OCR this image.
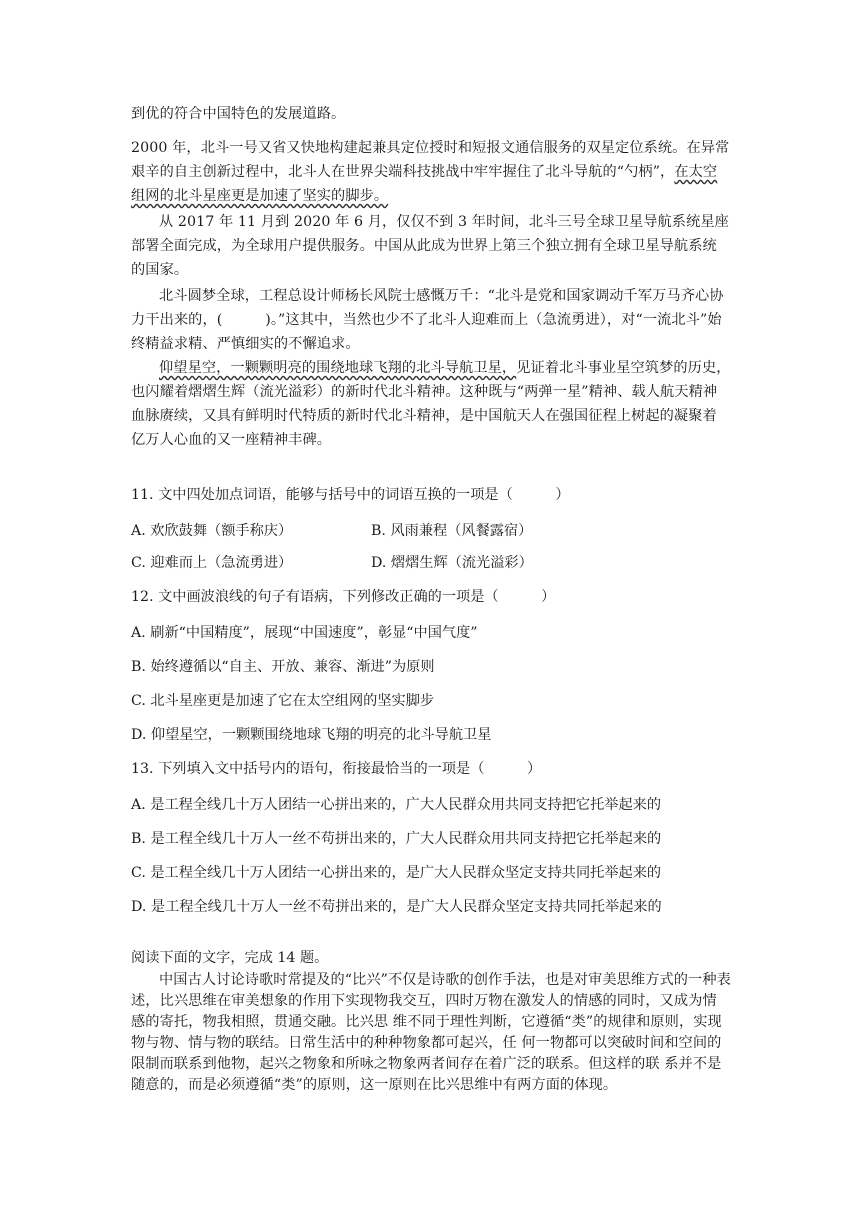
到优的符合中国特色的发展道路。

2000 年，北斗一号又省又快地构建起兼具定位授时和短报文通信服务的双星定位系统。在异常艰辛的自主创新过程中，北斗人在世界尖端科技挑战中牢牢握住了北斗导航的“勺柄”，在太空组网的北斗星座更是加速了坚实的脚步。

从 2017 年 11 月到 2020 年 6 月，仅仅不到 3 年时间，北斗三号全球卫星导航系统星座部署全面完成，为全球用户提供服务。中国从此成为世界上第三个独立拥有全球卫星导航系统的国家。

北斗圆梦全球，工程总设计师杨长风院士感慨万千：“北斗是党和国家调动千军万马齐心协力干出来的，(　　　)。”这其中，当然也少不了北斗人迎难而上（急流勇进），对“一流北斗”始终精益求精、严慎细实的不懈追求。

仰望星空，一颗颗明亮的围绕地球飞翔的北斗导航卫星，见证着北斗事业星空筑梦的历史，也闪耀着熠熠生辉（流光溢彩）的新时代北斗精神。这种既与“两弹一星”精神、载人航天精神血脉赓续，又具有鲜明时代特质的新时代北斗精神，是中国航天人在强国征程上树起的凝聚着亿万人心血的又一座精神丰碑。

11. 文中四处加点词语，能够与括号中的词语互换的一项是（　　　）

A. 欢欣鼓舞（额手称庆）	B. 风雨兼程（风餐露宿）

C. 迎难而上（急流勇进）	D. 熠熠生辉（流光溢彩）

12. 文中画波浪线的句子有语病，下列修改正确的一项是（　　　）

A. 刷新“中国精度”，展现“中国速度”，彰显“中国气度”

B. 始终遵循以“自主、开放、兼容、渐进”为原则

C. 北斗星座更是加速了它在太空组网的坚实脚步

D. 仰望星空，一颗颗围绕地球飞翔的明亮的北斗导航卫星

13. 下列填入文中括号内的语句，衔接最恰当的一项是（　　　）

A. 是工程全线几十万人团结一心拼出来的，广大人民群众用共同支持把它托举起来的

B. 是工程全线几十万人一丝不苟拼出来的，广大人民群众用共同支持把它托举起来的

C. 是工程全线几十万人团结一心拼出来的，是广大人民群众坚定支持共同托举起来的

D. 是工程全线几十万人一丝不苟拼出来的，是广大人民群众坚定支持共同托举起来的

阅读下面的文字，完成 14 题。

中国古人讨论诗歌时常提及的“比兴”不仅是诗歌的创作手法，也是对审美思维方式的一种表述，比兴思维在审美想象的作用下实现物我交互，四时万物在激发人的情感的同时，又成为情感的寄托，物我相照，贯通交融。比兴思 维不同于理性判断，它遵循“类”的规律和原则，实现物与物、情与物的联结。日常生活中的种种物象都可起兴，任 何一物都可以突破时间和空间的限制而联系到他物，起兴之物象和所咏之物象两者间存在着广泛的联系。但这样的联 系并不是随意的，而是必须遵循“类”的原则，这一原则在比兴思维中有两方面的体现。
